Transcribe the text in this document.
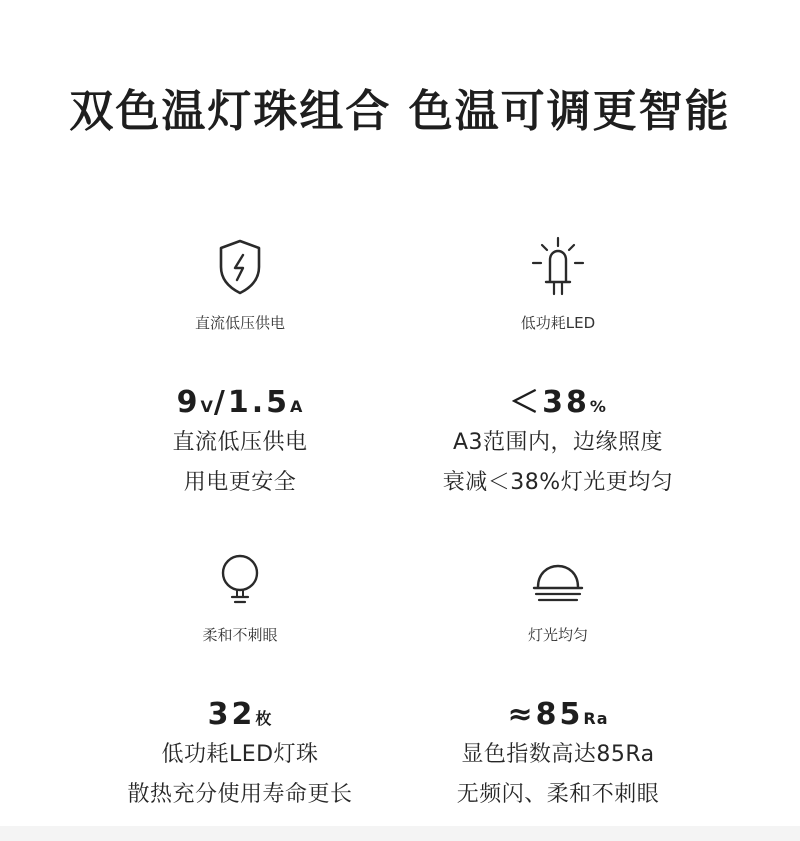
双色温灯珠组合 色温可调更智能
直流低压供电
9V/1.5A
直流低压供电
用电更安全
低功耗LED
＜38%
A3范围内，边缘照度
衰减＜38%灯光更均匀
柔和不刺眼
32枚
低功耗LED灯珠
散热充分使用寿命更长
灯光均匀
≈85Ra
显色指数高达85Ra
无频闪、柔和不刺眼
